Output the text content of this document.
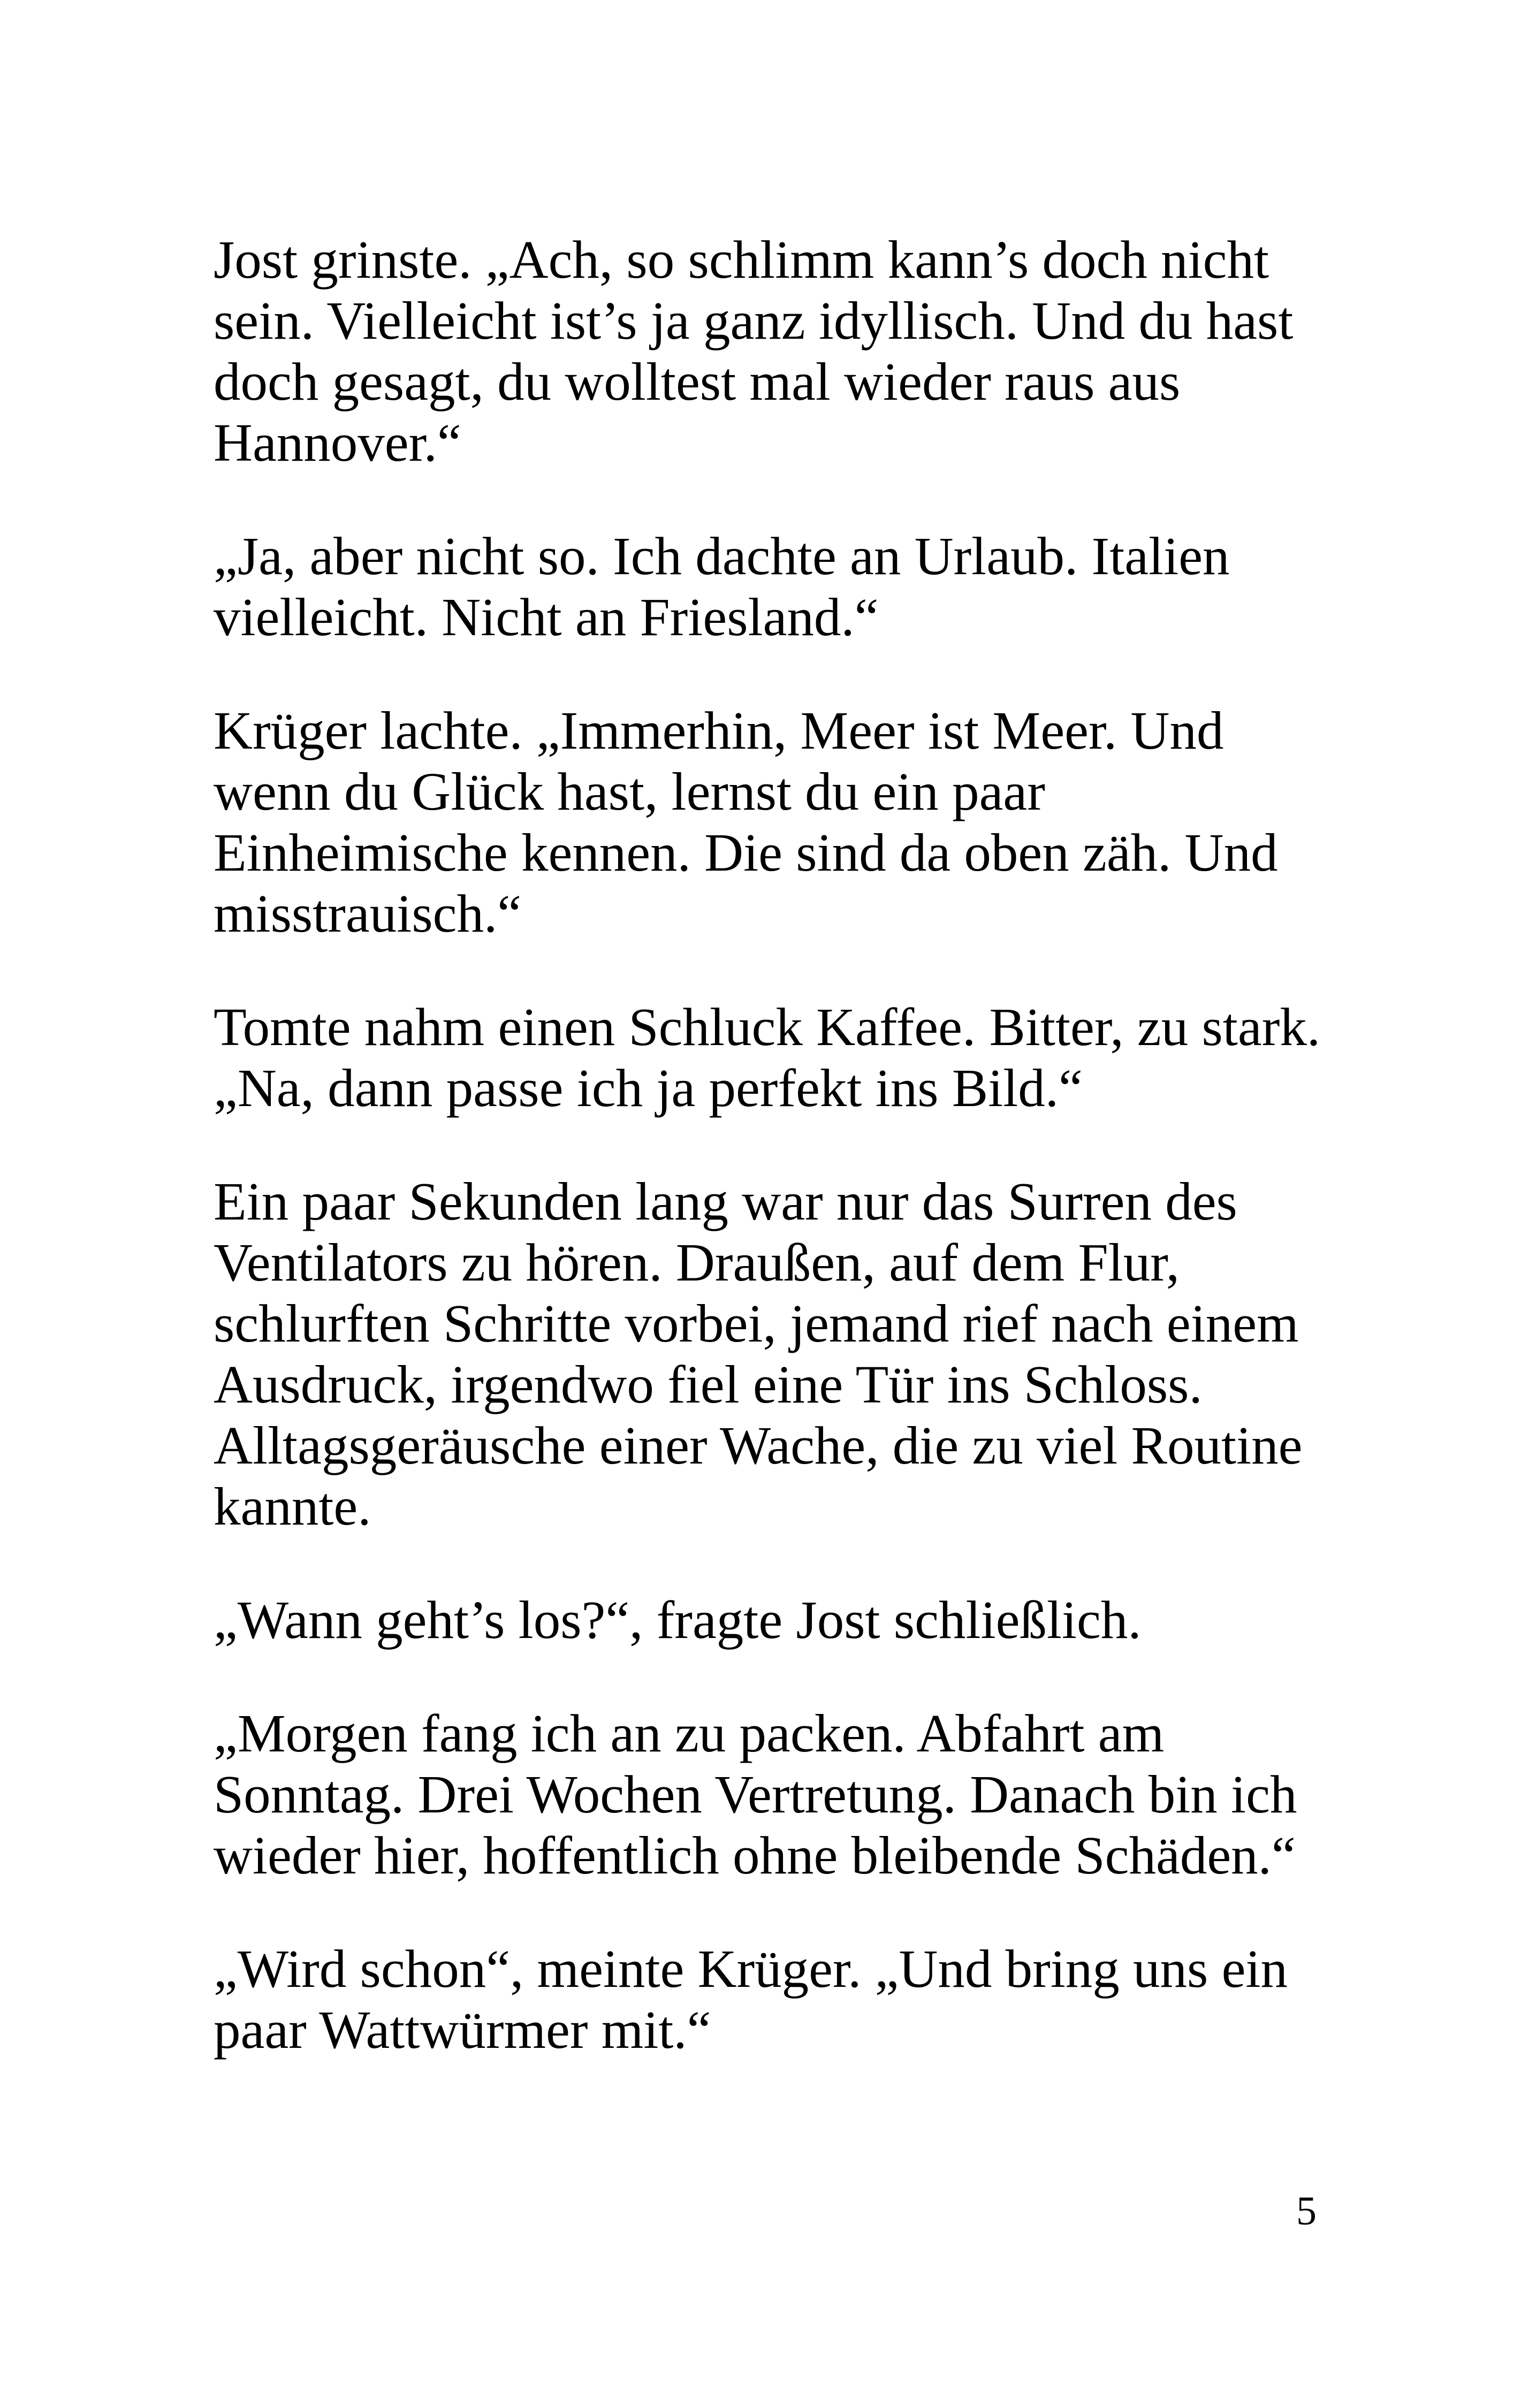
Jost grinste. „Ach, so schlimm kann’s doch nicht
sein. Vielleicht ist’s ja ganz idyllisch. Und du hast
doch gesagt, du wolltest mal wieder raus aus
Hannover.“

„Ja, aber nicht so. Ich dachte an Urlaub. Italien
vielleicht. Nicht an Friesland.“

Krüger lachte. „Immerhin, Meer ist Meer. Und
wenn du Glück hast, lernst du ein paar
Einheimische kennen. Die sind da oben zäh. Und
misstrauisch.“

Tomte nahm einen Schluck Kaffee. Bitter, zu stark.
„Na, dann passe ich ja perfekt ins Bild.“

Ein paar Sekunden lang war nur das Surren des
Ventilators zu hören. Draußen, auf dem Flur,
schlurften Schritte vorbei, jemand rief nach einem
Ausdruck, irgendwo fiel eine Tür ins Schloss.
Alltagsgeräusche einer Wache, die zu viel Routine
kannte.

„Wann geht’s los?“, fragte Jost schließlich.

„Morgen fang ich an zu packen. Abfahrt am
Sonntag. Drei Wochen Vertretung. Danach bin ich
wieder hier, hoffentlich ohne bleibende Schäden.“

„Wird schon“, meinte Krüger. „Und bring uns ein
paar Wattwürmer mit.“

5
